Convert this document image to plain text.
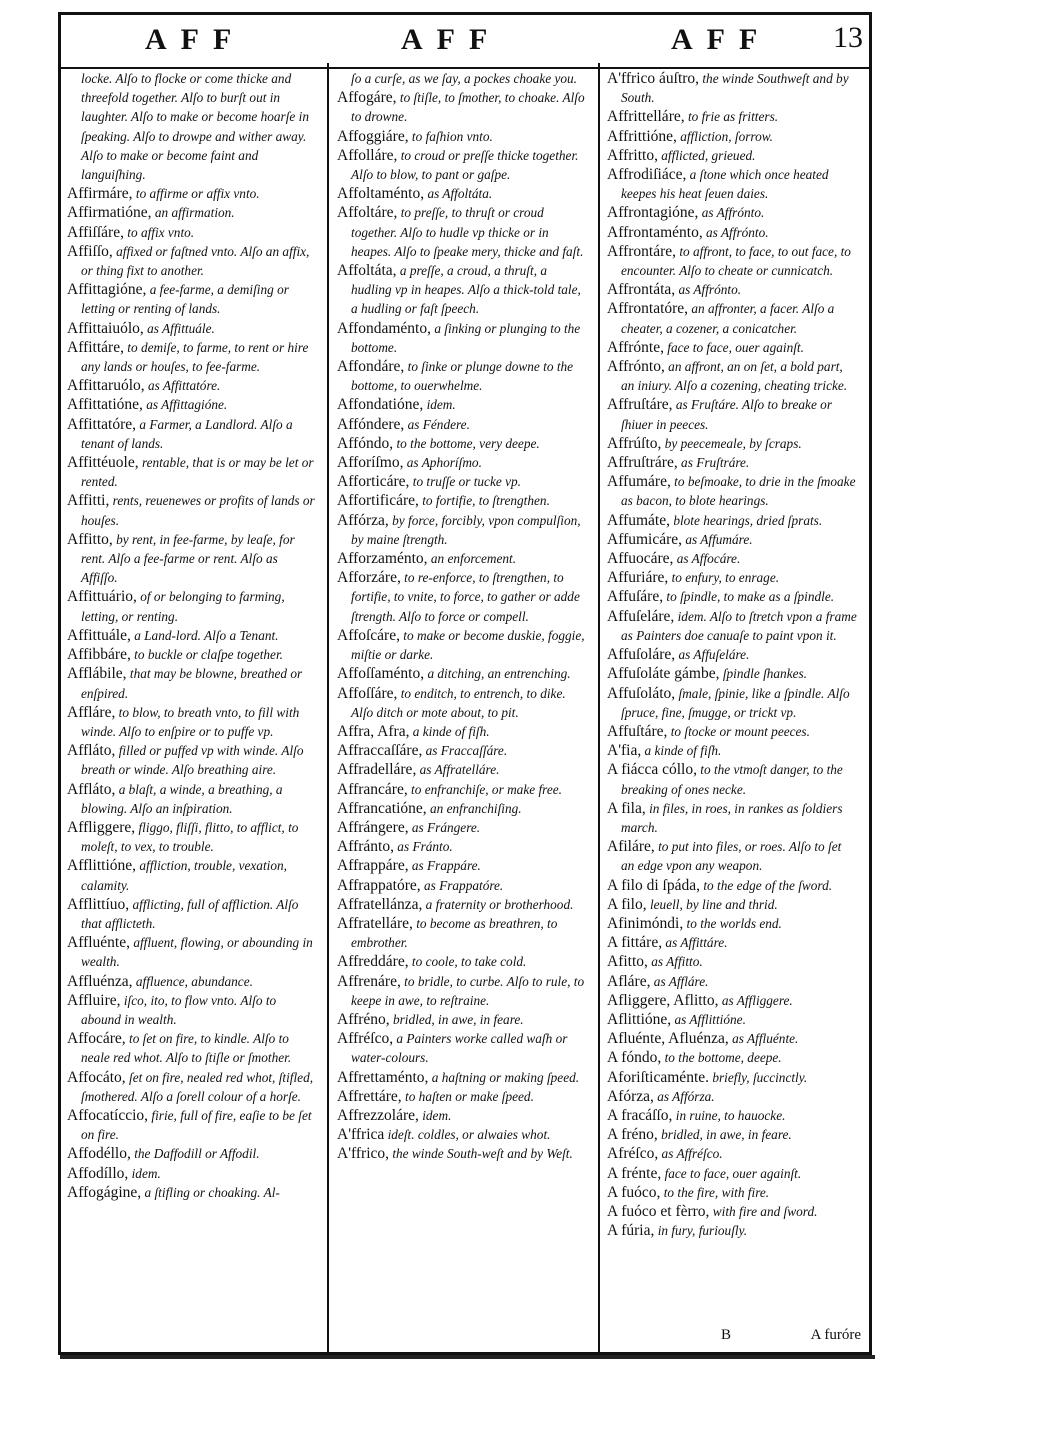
AFF	AFF	AFF 13

locke. Alſo to flocke or come thicke and threefold together. Alſo to burſt out in laughter. Alſo to make or become hoarſe in ſpeaking. Alſo to drowpe and wither away. Alſo to make or become faint and languiſhing.

Affirmáre, to affirme or affix vnto.

Affirmatióne, an affirmation.

Affiſſáre, to affix vnto.

Affiſſo, affixed or faſtned vnto. Alſo an affix, or thing fixt to another.

Affittagióne, a fee-farme, a demiſing or letting or renting of lands.

Affittaiuólo, as Affittuále.

Affittáre, to demiſe, to farme, to rent or hire any lands or houſes, to fee-farme.

Affittaruólo, as Affittatóre.

Affittatióne, as Affittagióne.

Affittatóre, a Farmer, a Landlord. Alſo a tenant of lands.

Affittéuole, rentable, that is or may be let or rented.

Affitti, rents, reuenewes or profits of lands or houſes.

Affitto, by rent, in fee-farme, by leaſe, for rent. Alſo a fee-farme or rent. Alſo as Affiſſo.

Affittuário, of or belonging to farming, letting, or renting.

Affittuále, a Land-lord. Alſo a Tenant.

Affibbáre, to buckle or claſpe together.

Afflábile, that may be blowne, breathed or enſpired.

Affláre, to blow, to breath vnto, to fill with winde. Alſo to enſpire or to puffe vp.

Affláto, filled or puffed vp with winde. Alſo breath or winde. Alſo breathing aire.

Affláto, a blaſt, a winde, a breathing, a blowing. Alſo an inſpiration.

Affliggere, fliggo, fliſſi, flitto, to afflict, to moleſt, to vex, to trouble.

Afflittióne, affliction, trouble, vexation, calamity.

Afflittíuo, afflicting, full of affliction. Alſo that afflicteth.

Affluénte, affluent, flowing, or abounding in wealth.

Affluénza, affluence, abundance.

Affluire, iſco, ito, to flow vnto. Alſo to abound in wealth.

Affocáre, to ſet on fire, to kindle. Alſo to neale red whot. Alſo to ſtiſle or ſmother.

Affocáto, ſet on fire, nealed red whot, ſtifled, ſmothered. Alſo a ſorell colour of a horſe.

Affocatíccio, firie, full of fire, eaſie to be ſet on fire.

Affodéllo, the Daffodill or Affodil.

Affodíllo, idem.

Affogágine, a ſtifling or choaking. Al-

ſo a curſe, as we ſay, a pockes choake you.

Affogáre, to ſtiſle, to ſmother, to choake. Alſo to drowne.

Affoggiáre, to faſhion vnto.

Affolláre, to croud or preſſe thicke together. Alſo to blow, to pant or gaſpe.

Affoltaménto, as Affoltáta.

Affoltáre, to preſſe, to thruſt or croud together. Alſo to hudle vp thicke or in heapes. Alſo to ſpeake mery, thicke and faſt.

Affoltáta, a preſſe, a croud, a thruſt, a hudling vp in heapes. Alſo a thick-told tale, a hudling or faſt ſpeech.

Affondaménto, a ſinking or plunging to the bottome.

Affondáre, to ſinke or plunge downe to the bottome, to ouerwhelme.

Affondatióne, idem.

Affóndere, as Féndere.

Affóndo, to the bottome, very deepe.

Afforíſmo, as Aphoríſmo.

Afforticáre, to truſſe or tucke vp.

Affortificáre, to fortifie, to ſtrengthen.

Affórza, by force, forcibly, vpon compulſion, by maine ſtrength.

Afforzaménto, an enforcement.

Afforzáre, to re-enforce, to ſtrengthen, to fortifie, to vnite, to force, to gather or adde ſtrength. Alſo to force or compell.

Affoſcáre, to make or become duskie, foggie, miſtie or darke.

Affoſſaménto, a ditching, an entrenching.

Affoſſáre, to enditch, to entrench, to dike. Alſo ditch or mote about, to pit.

Affra, Afra, a kinde of fiſh.

Affraccaſſáre, as Fraccaſſáre.

Affradelláre, as Affratelláre.

Affrancáre, to enfranchiſe, or make free.

Affrancatióne, an enfranchiſing.

Affrángere, as Frángere.

Affránto, as Fránto.

Affrappáre, as Frappáre.

Affrappatóre, as Frappatóre.

Affratellánza, a fraternity or brotherhood.

Affratelláre, to become as breathren, to embrother.

Affreddáre, to coole, to take cold.

Affrenáre, to bridle, to curbe. Alſo to rule, to keepe in awe, to reſtraine.

Affréno, bridled, in awe, in feare.

Affréſco, a Painters worke called waſh or water-colours.

Affrettaménto, a haſtning or making ſpeed.

Affrettáre, to haſten or make ſpeed.

Affrezzoláre, idem.

A'ffrica ideſt. coldles, or alwaies whot.

A'ffrico, the winde South-weſt and by Weſt.

A'ffrico áuſtro, the winde Southweſt and by South.

Affrittelláre, to frie as fritters.

Affrittióne, affliction, ſorrow.

Affritto, afflicted, grieued.

Affrodiſiáce, a ſtone which once heated keepes his heat ſeuen daies.

Affrontagióne, as Affrónto.

Affrontaménto, as Affrónto.

Affrontáre, to affront, to face, to out face, to encounter. Alſo to cheate or cunnicatch.

Affrontáta, as Affrónto.

Affrontatóre, an affronter, a facer. Alſo a cheater, a cozener, a conicatcher.

Affrónte, face to face, ouer againſt.

Affrónto, an affront, an on ſet, a bold part, an iniury. Alſo a cozening, cheating tricke.

Affruſtáre, as Fruſtáre. Alſo to breake or ſhiuer in peeces.

Affrúſto, by peecemeale, by ſcraps.

Affruſtráre, as Fruſtráre.

Affumáre, to beſmoake, to drie in the ſmoake as bacon, to blote hearings.

Affumáte, blote hearings, dried ſprats.

Affumicáre, as Affumáre.

Affuocáre, as Affocáre.

Affuriáre, to enfury, to enrage.

Affuſáre, to ſpindle, to make as a ſpindle.

Affuſeláre, idem. Alſo to ſtretch vpon a frame as Painters doe canuaſe to paint vpon it.

Affuſoláre, as Affuſeláre.

Affuſoláte gámbe, ſpindle ſhankes.

Affuſoláto, ſmale, ſpinie, like a ſpindle. Alſo ſpruce, fine, ſmugge, or trickt vp.

Affuſtáre, to ſtocke or mount peeces.

A'fia, a kinde of fiſh.

A fiácca cóllo, to the vtmoſt danger, to the breaking of ones necke.

A fila, in files, in roes, in rankes as ſoldiers march.

Afiláre, to put into files, or roes. Alſo to ſet an edge vpon any weapon.

A filo di ſpáda, to the edge of the ſword.

A filo, leuell, by line and thrid.

Afinimóndi, to the worlds end.

A fittáre, as Affittáre.

Afitto, as Affitto.

Afláre, as Affláre.

Afliggere, Aflitto, as Affliggere.

Aflittióne, as Afflittióne.

Afluénte, Afluénza, as Affluénte.

A fóndo, to the bottome, deepe.

Aforiſticaménte. briefly, ſuccinctly.

Afórza, as Affórza.

A fracáſſo, in ruine, to hauocke.

A fréno, bridled, in awe, in feare.

Afréſco, as Affréſco.

A frénte, face to face, ouer againſt.

A fuóco, to the fire, with fire.

A fuóco et fèrro, with fire and ſword.

A fúria, in fury, furiouſly.

B	A furóre
